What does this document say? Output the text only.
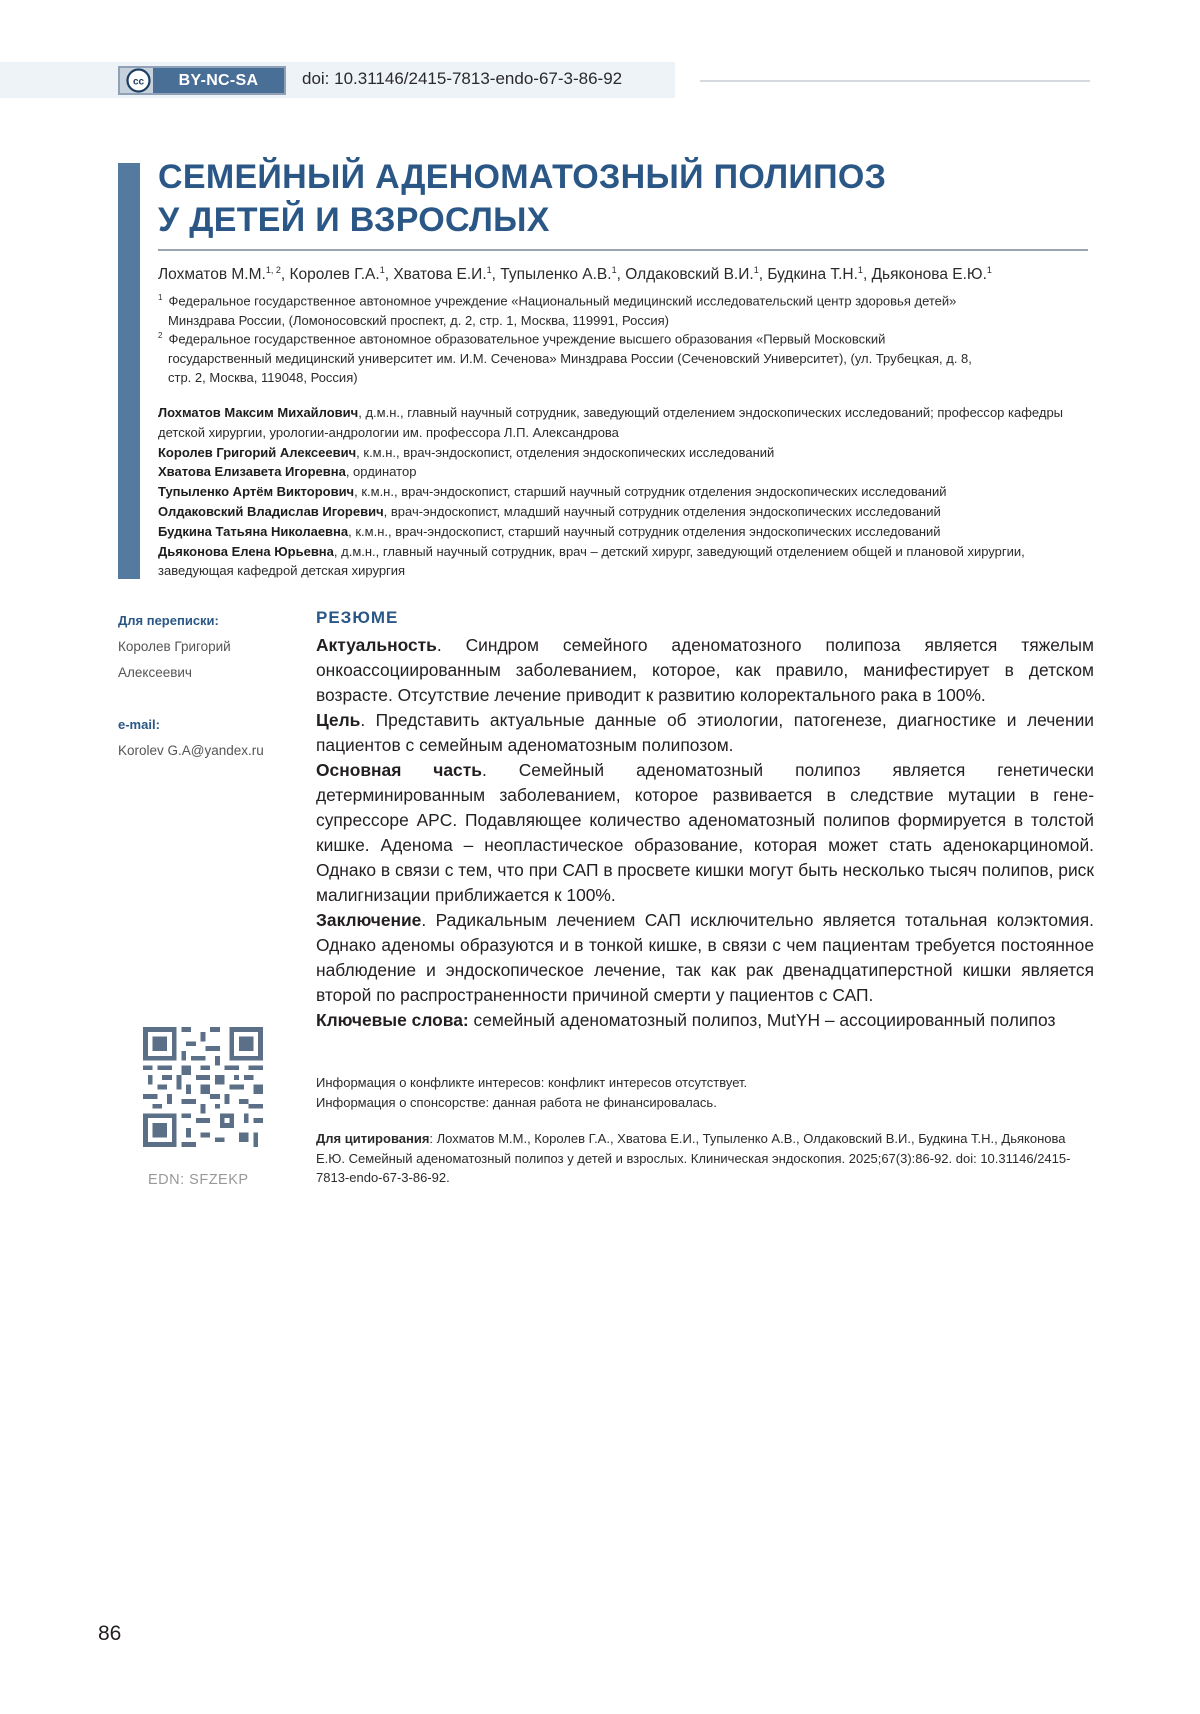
cc	BY-NC-SA	doi: 10.31146/2415-7813-endo-67-3-86-92
СЕМЕЙНЫЙ АДЕНОМАТОЗНЫЙ ПОЛИПОЗ
У ДЕТЕЙ И ВЗРОСЛЫХ
Лохматов М.М.$^{1, 2}$, Королев Г.А.$^1$, Хватова Е.И.$^1$, Тупыленко А.В.$^1$, Олдаковский В.И.$^1$, Будкина Т.Н.$^1$, Дьяконова Е.Ю.$^1$
$^1$ Федеральное государственное автономное учреждение «Национальный медицинский исследовательский центр здоровья детей»
Минздрава России, (Ломоносовский проспект, д. 2, стр. 1, Москва, 119991, Россия)
$^2$ Федеральное государственное автономное образовательное учреждение высшего образования «Первый Московский
государственный медицинский университет им. И.М. Сеченова» Минздрава России (Сеченовский Университет), (ул. Трубецкая, д. 8,
стр. 2, Москва, 119048, Россия)
Лохматов Максим Михайлович, д.м.н., главный научный сотрудник, заведующий отделением эндоскопических исследований; профессор кафедры детской хирургии, урологии-андрологии им. профессора Л.П. Александрова
Королев Григорий Алексеевич, к.м.н., врач-эндоскопист, отделения эндоскопических исследований
Хватова Елизавета Игоревна, ординатор
Тупыленко Артём Викторович, к.м.н., врач-эндоскопист, старший научный сотрудник отделения эндоскопических исследований
Олдаковский Владислав Игоревич, врач-эндоскопист, младший научный сотрудник отделения эндоскопических исследований
Будкина Татьяна Николаевна, к.м.н., врач-эндоскопист, старший научный сотрудник отделения эндоскопических исследований
Дьяконова Елена Юрьевна, д.м.н., главный научный сотрудник, врач – детский хирург, заведующий отделением общей и плановой хирургии, заведующая кафедрой детская хирургия
Для переписки:
Королев Григорий
Алексеевич
e-mail:
Korolev G.A@yandex.ru
РЕЗЮМЕ

Актуальность. Синдром семейного аденоматозного полипоза является тяжелым онкоассоциированным заболеванием, которое, как правило, манифестирует в детском возрасте. Отсутствие лечение приводит к развитию колоректального рака в 100%.

Цель. Представить актуальные данные об этиологии, патогенезе, диагностике и лечении пациентов с семейным аденоматозным полипозом.

Основная часть. Семейный аденоматозный полипоз является генетически детерминированным заболеванием, которое развивается в следствие мутации в гене-супрессоре APC. Подавляющее количество аденоматозный полипов формируется в толстой кишке. Аденома – неопластическое образование, которая может стать аденокарциномой. Однако в связи с тем, что при САП в просвете кишки могут быть несколько тысяч полипов, риск малигнизации приближается к 100%.

Заключение. Радикальным лечением САП исключительно является тотальная колэктомия. Однако аденомы образуются и в тонкой кишке, в связи с чем пациентам требуется постоянное наблюдение и эндоскопическое лечение, так как рак двенадцатиперстной кишки является второй по распространенности причиной смерти у пациентов с САП.

Ключевые слова: семейный аденоматозный полипоз, MutYH – ассоциированный полипоз

EDN: SFZEKP
Информация о конфликте интересов: конфликт интересов отсутствует.
Информация о спонсорстве: данная работа не финансировалась.
Для цитирования: Лохматов М.М., Королев Г.А., Хватова Е.И., Тупыленко А.В., Олдаковский В.И., Будкина Т.Н., Дьяконова Е.Ю. Семейный аденоматозный полипоз у детей и взрослых. Клиническая эндоскопия. 2025;67(3):86-92. doi: 10.31146/2415-7813-endo-67-3-86-92.
86
